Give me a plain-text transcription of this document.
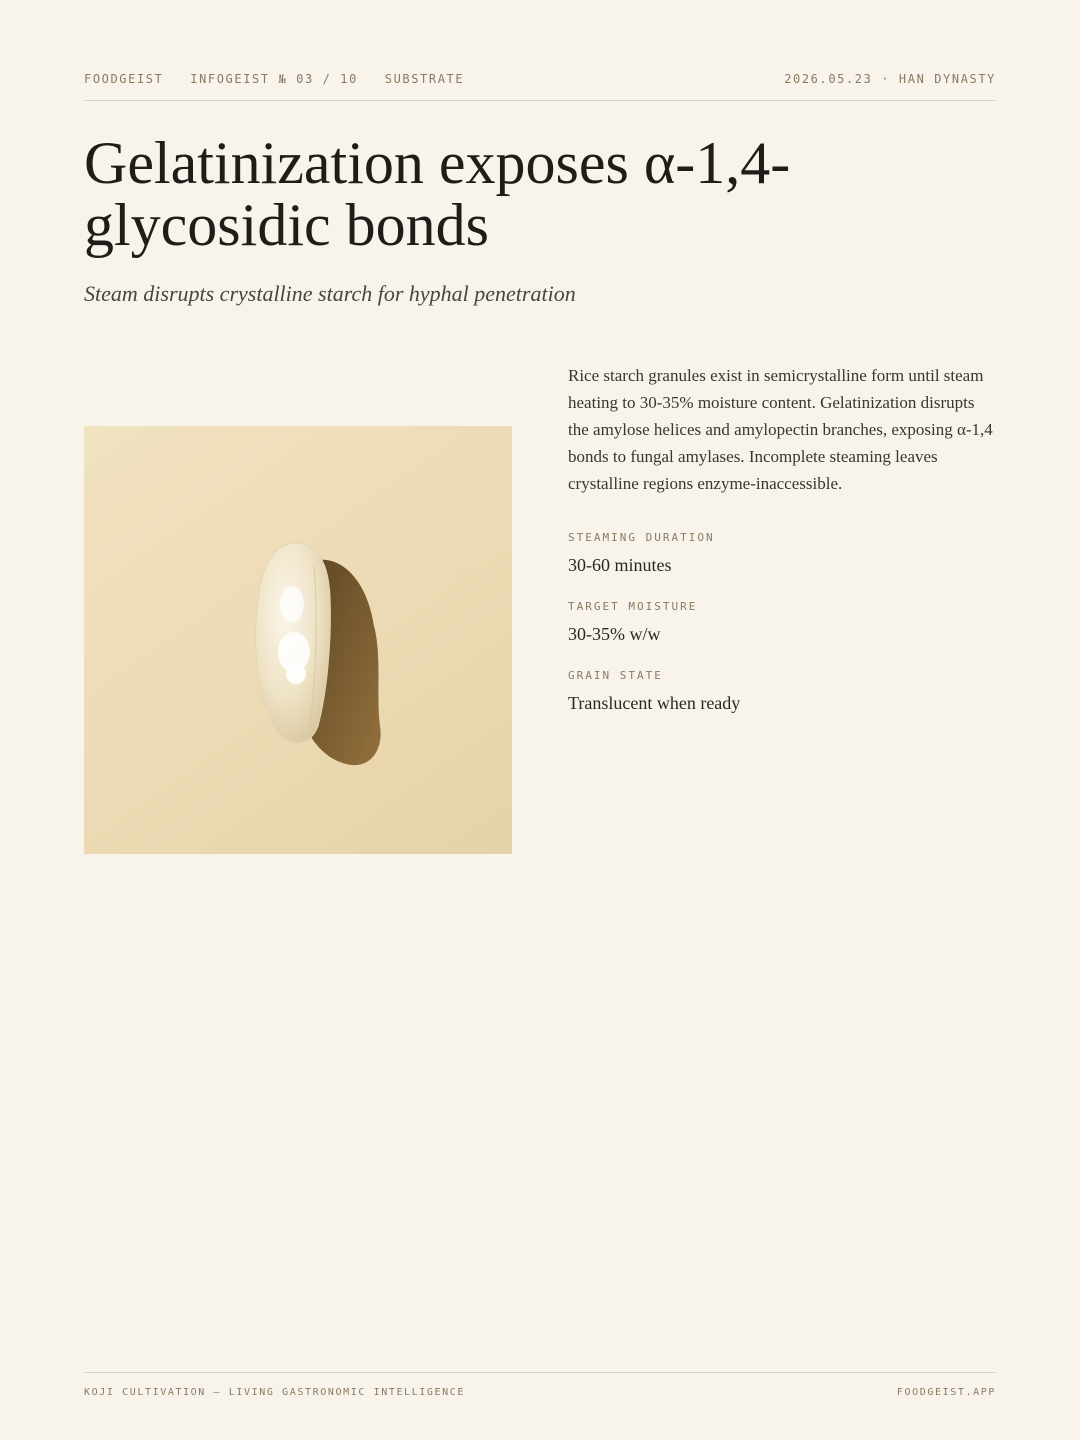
FOODGEIST INFOGEIST № 03 / 10 SUBSTRATE	2026.05.23 · HAN DYNASTY
Gelatinization exposes α-1,4-glycosidic bonds

Steam disrupts crystalline starch for hyphal penetration

Rice starch granules exist in semicrystalline form until steam heating to 30-35% moisture content. Gelatinization disrupts the amylose helices and amylopectin branches, exposing α-1,4 bonds to fungal amylases. Incomplete steaming leaves crystalline regions enzyme-inaccessible.

STEAMING DURATION
30-60 minutes
TARGET MOISTURE
30-35% w/w
GRAIN STATE
Translucent when ready
KOJI CULTIVATION — LIVING GASTRONOMIC INTELLIGENCE	FOODGEIST.APP
